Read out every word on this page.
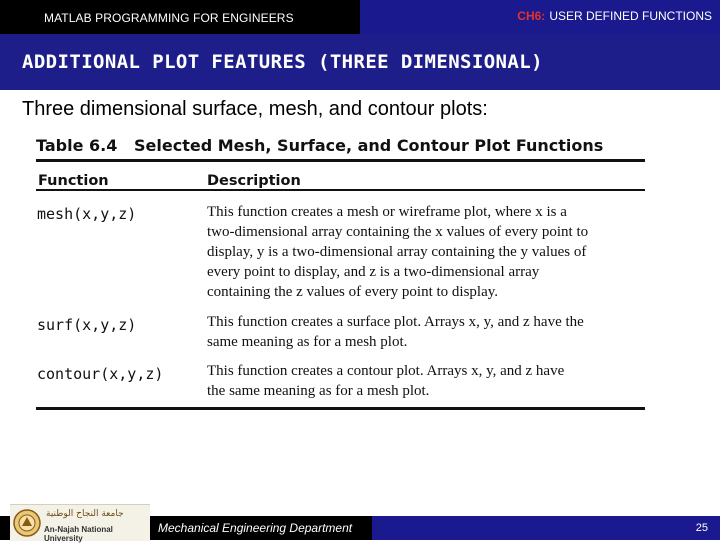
MATLAB PROGRAMMING FOR ENGINEERS	CH6: USER DEFINED FUNCTIONS
ADDITIONAL PLOT FEATURES (THREE DIMENSIONAL)
Three dimensional surface, mesh, and contour plots:
Table 6.4 Selected Mesh, Surface, and Contour Plot Functions
Function	Description
mesh(x,y,z)	This function creates a mesh or wireframe plot, where x is a
two-dimensional array containing the x values of every point to
display, y is a two-dimensional array containing the y values of
every point to display, and z is a two-dimensional array
containing the z values of every point to display.
surf(x,y,z)	This function creates a surface plot. Arrays x, y, and z have the
same meaning as for a mesh plot.
contour(x,y,z)	This function creates a contour plot. Arrays x, y, and z have
the same meaning as for a mesh plot.
جامعة النجاح الوطنية
An-Najah National University
Mechanical Engineering Department	25
